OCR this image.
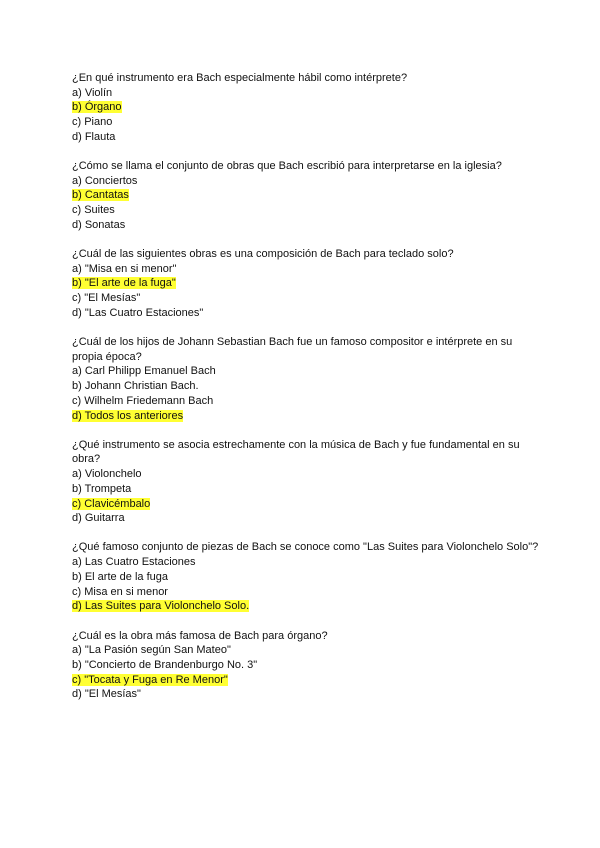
¿En qué instrumento era Bach especialmente hábil como intérprete?
a) Violín
b) Órgano
c) Piano
d) Flauta
¿Cómo se llama el conjunto de obras que Bach escribió para interpretarse en la iglesia?
a) Conciertos
b) Cantatas
c) Suites
d) Sonatas
¿Cuál de las siguientes obras es una composición de Bach para teclado solo?
a) "Misa en si menor"
b) "El arte de la fuga"
c) "El Mesías"
d) "Las Cuatro Estaciones"
¿Cuál de los hijos de Johann Sebastian Bach fue un famoso compositor e intérprete en su propia época?
a) Carl Philipp Emanuel Bach
b) Johann Christian Bach.
c) Wilhelm Friedemann Bach
d) Todos los anteriores
¿Qué instrumento se asocia estrechamente con la música de Bach y fue fundamental en su obra?
a) Violonchelo
b) Trompeta
c) Clavicémbalo
d) Guitarra
¿Qué famoso conjunto de piezas de Bach se conoce como "Las Suites para Violonchelo Solo"?
a) Las Cuatro Estaciones
b) El arte de la fuga
c) Misa en si menor
d) Las Suites para Violonchelo Solo.
¿Cuál es la obra más famosa de Bach para órgano?
a) "La Pasión según San Mateo"
b) "Concierto de Brandenburgo No. 3"
c) "Tocata y Fuga en Re Menor"
d) "El Mesías"
